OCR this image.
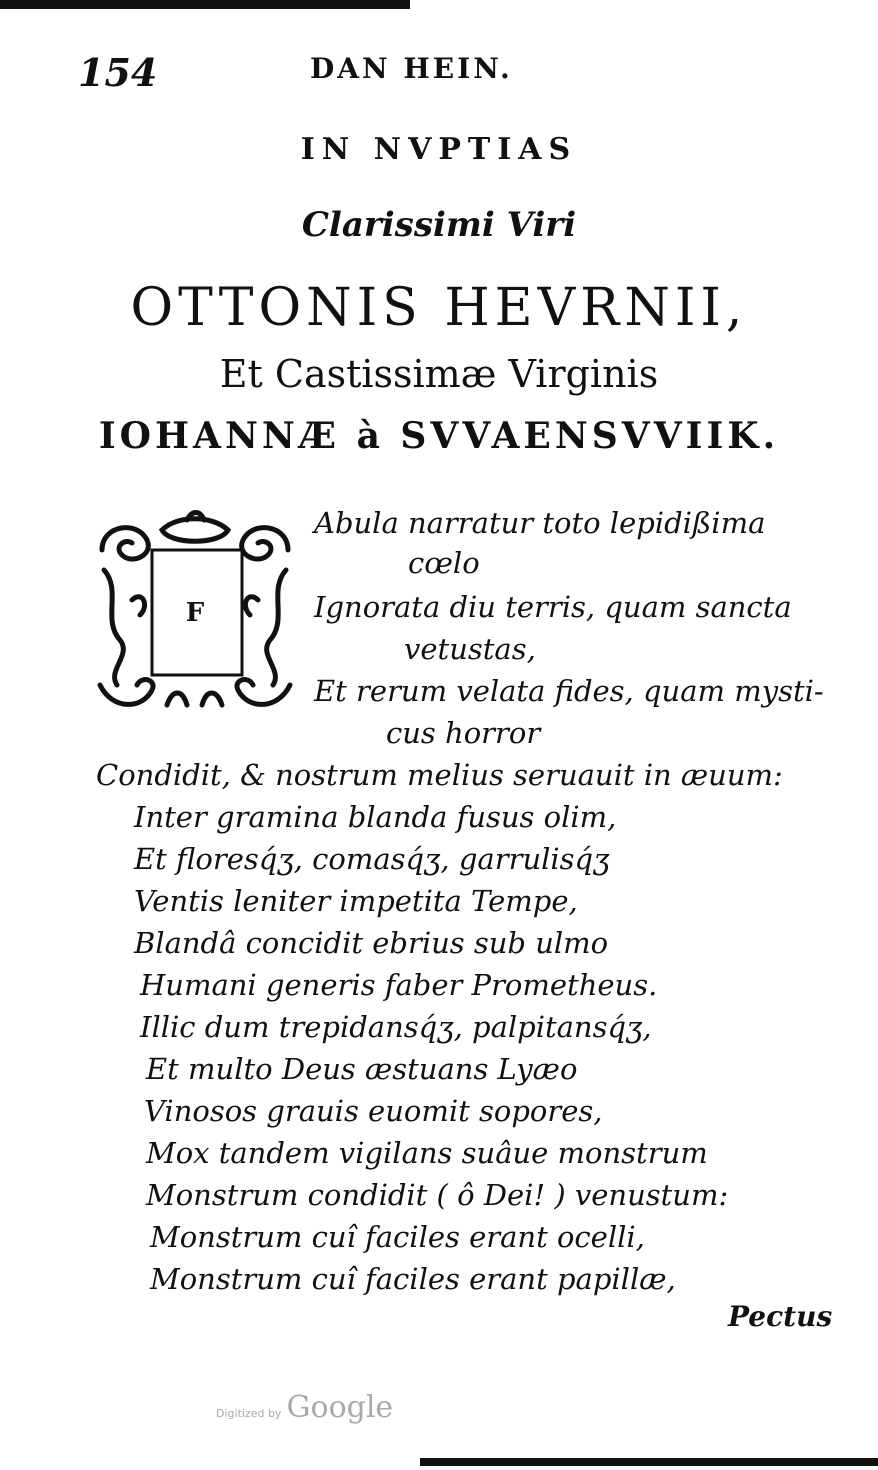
154	DAN HEIN.
IN NVPTIAS
Clarissimi Viri
OTTONIS HEVRNII,
Et Castissimæ Virginis
IOHANNÆ à SVVAENSVVIIK.
F
Abula narratur toto lepidißima
cœlo
Ignorata diu terris, quam sancta
vetustas,
Et rerum velata fides, quam mysti-
cus horror
Condidit, & nostrum melius seruauit in æuum:
Inter gramina blanda fusus olim,
Et floresq́ʒ, comasq́ʒ, garrulisq́ʒ
Ventis leniter impetita Tempe,
Blandâ concidit ebrius sub ulmo
Humani generis faber Prometheus.
Illic dum trepidansq́ʒ, palpitansq́ʒ,
Et multo Deus æstuans Lyæo
Vinosos grauis euomit sopores,
Mox tandem vigilans suâue monstrum
Monstrum condidit ( ô Dei! ) venustum:
Monstrum cuî faciles erant ocelli,
Monstrum cuî faciles erant papillæ,
Pectus
Digitized by Google
